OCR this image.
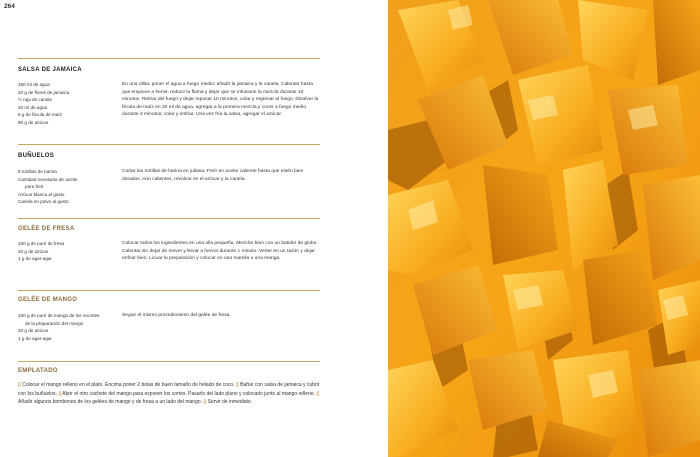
264
SALSA DE JAMAICA
250 ml de agua
20 g de flores de jamaica
½ raja de canela
20 ml de agua
6 g de fécula de maíz
60 g de azúcar

En una ollita, poner el agua a fuego medio; añadir la jamaica y la canela. Calentar hasta que empiece a hervir, reducir la flama y dejar que se infusione la mezcla durante 10 minutos. Retirar del fuego y dejar reposar 10 minutos, colar y regresar al fuego. Disolver la fécula de maíz en 20 ml de agua, agregar a la primera mezcla y cocer a fuego medio durante 2 minutos; colar y enfriar. Una vez fría la salsa, agregar el azúcar.

BUÑUELOS
8 tortillas de harina
Cantidad necesaria de aceite
para freír
Azúcar blanca al gusto
Canela en polvo al gusto

Cortar las tortillas de harina en juliana. Freír en aceite caliente hasta que estén bien doradas. Aún calientes, revolcar en el azúcar y la canela.

GELÉE DE FRESA
100 g de puré de fresa
20 g de azúcar
1 g de agar-agar

Colocar todos los ingredientes en una olla pequeña. Mezclar bien con un batidor de globo. Calentar sin dejar de mover y llevar a hervor durante 1 minuto. Verter en un tazón y dejar enfriar bien. Licuar la preparación y colocar en una mamila o una manga.

GELÉE DE MANGO
100 g de puré de mango de los recortes
de la preparación del mango
20 g de azúcar
1 g de agar-agar

Seguir el mismo procedimiento del gelée de fresa.

EMPLATADO

|| Colocar el mango relleno en el plato. Encima poner 2 bolas de buen tamaño de helado de coco. || Bañar con salsa de jamaica y cubrir con los buñuelos. || Abrir el otro cachete del mango para exponer los cortes. Pasarlo del lado plano y colocarlo junto al mango relleno. || Añadir algunos bombones de los gelées de mango y de fresa a un lado del mango. || Servir de inmediato.
